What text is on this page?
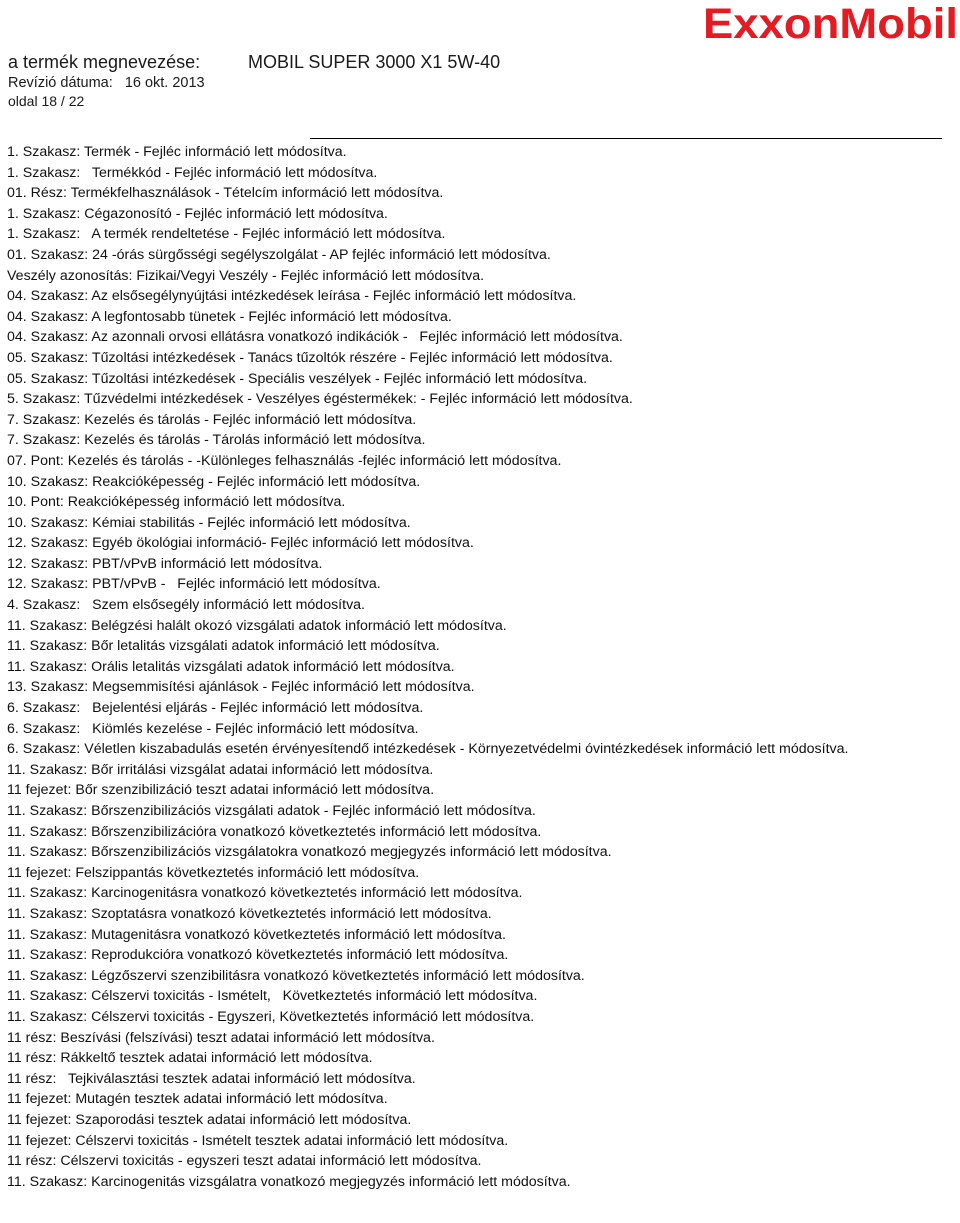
a termék megnevezése:	MOBIL SUPER 3000 X1 5W-40
Revízió dátuma: 16 okt. 2013
oldal 18 / 22
ExxonMobil
1. Szakasz: Termék - Fejléc információ lett módosítva.
1. Szakasz:   Termékkód - Fejléc információ lett módosítva.
01. Rész: Termékfelhasználások - Tételcím információ lett módosítva.
1. Szakasz: Cégazonosító - Fejléc információ lett módosítva.
1. Szakasz:   A termék rendeltetése - Fejléc információ lett módosítva.
01. Szakasz: 24 -órás sürgősségi segélyszolgálat - AP fejléc információ lett módosítva.
Veszély azonosítás: Fizikai/Vegyi Veszély - Fejléc információ lett módosítva.
04. Szakasz: Az elsősegélynyújtási intézkedések leírása - Fejléc információ lett módosítva.
04. Szakasz: A legfontosabb tünetek - Fejléc információ lett módosítva.
04. Szakasz: Az azonnali orvosi ellátásra vonatkozó indikációk -   Fejléc információ lett módosítva.
05. Szakasz: Tűzoltási intézkedések - Tanács tűzoltók részére - Fejléc információ lett módosítva.
05. Szakasz: Tűzoltási intézkedések - Speciális veszélyek - Fejléc információ lett módosítva.
5. Szakasz: Tűzvédelmi intézkedések - Veszélyes égéstermékek: - Fejléc információ lett módosítva.
7. Szakasz: Kezelés és tárolás - Fejléc információ lett módosítva.
7. Szakasz: Kezelés és tárolás - Tárolás információ lett módosítva.
07. Pont: Kezelés és tárolás - -Különleges felhasználás -fejléc információ lett módosítva.
10. Szakasz: Reakcióképesség - Fejléc információ lett módosítva.
10. Pont: Reakcióképesség információ lett módosítva.
10. Szakasz: Kémiai stabilitás - Fejléc információ lett módosítva.
12. Szakasz: Egyéb ökológiai információ- Fejléc információ lett módosítva.
12. Szakasz: PBT/vPvB információ lett módosítva.
12. Szakasz: PBT/vPvB -   Fejléc információ lett módosítva.
4. Szakasz:   Szem elsősegély információ lett módosítva.
11. Szakasz: Belégzési halált okozó vizsgálati adatok információ lett módosítva.
11. Szakasz: Bőr letalitás vizsgálati adatok információ lett módosítva.
11. Szakasz: Orális letalitás vizsgálati adatok információ lett módosítva.
13. Szakasz: Megsemmisítési ajánlások - Fejléc információ lett módosítva.
6. Szakasz:   Bejelentési eljárás - Fejléc információ lett módosítva.
6. Szakasz:   Kiömlés kezelése - Fejléc információ lett módosítva.
6. Szakasz: Véletlen kiszabadulás esetén érvényesítendő intézkedések - Környezetvédelmi óvintézkedések információ lett módosítva.
11. Szakasz: Bőr irritálási vizsgálat adatai információ lett módosítva.
11 fejezet: Bőr szenzibilizáció teszt adatai információ lett módosítva.
11. Szakasz: Bőrszenzibilizációs vizsgálati adatok - Fejléc információ lett módosítva.
11. Szakasz: Bőrszenzibilizációra vonatkozó következtetés információ lett módosítva.
11. Szakasz: Bőrszenzibilizációs vizsgálatokra vonatkozó megjegyzés információ lett módosítva.
11 fejezet: Felszippantás következtetés információ lett módosítva.
11. Szakasz: Karcinogenitásra vonatkozó következtetés információ lett módosítva.
11. Szakasz: Szoptatásra vonatkozó következtetés információ lett módosítva.
11. Szakasz: Mutagenitásra vonatkozó következtetés információ lett módosítva.
11. Szakasz: Reprodukcióra vonatkozó következtetés információ lett módosítva.
11. Szakasz: Légzőszervi szenzibilitásra vonatkozó következtetés információ lett módosítva.
11. Szakasz: Célszervi toxicitás - Ismételt,   Következtetés információ lett módosítva.
11. Szakasz: Célszervi toxicitás - Egyszeri, Következtetés információ lett módosítva.
11 rész: Beszívási (felszívási) teszt adatai információ lett módosítva.
11 rész: Rákkeltő tesztek adatai információ lett módosítva.
11 rész:   Tejkiválasztási tesztek adatai információ lett módosítva.
11 fejezet: Mutagén tesztek adatai információ lett módosítva.
11 fejezet: Szaporodási tesztek adatai információ lett módosítva.
11 fejezet: Célszervi toxicitás - Ismételt tesztek adatai információ lett módosítva.
11 rész: Célszervi toxicitás - egyszeri teszt adatai információ lett módosítva.
11. Szakasz: Karcinogenitás vizsgálatra vonatkozó megjegyzés információ lett módosítva.
